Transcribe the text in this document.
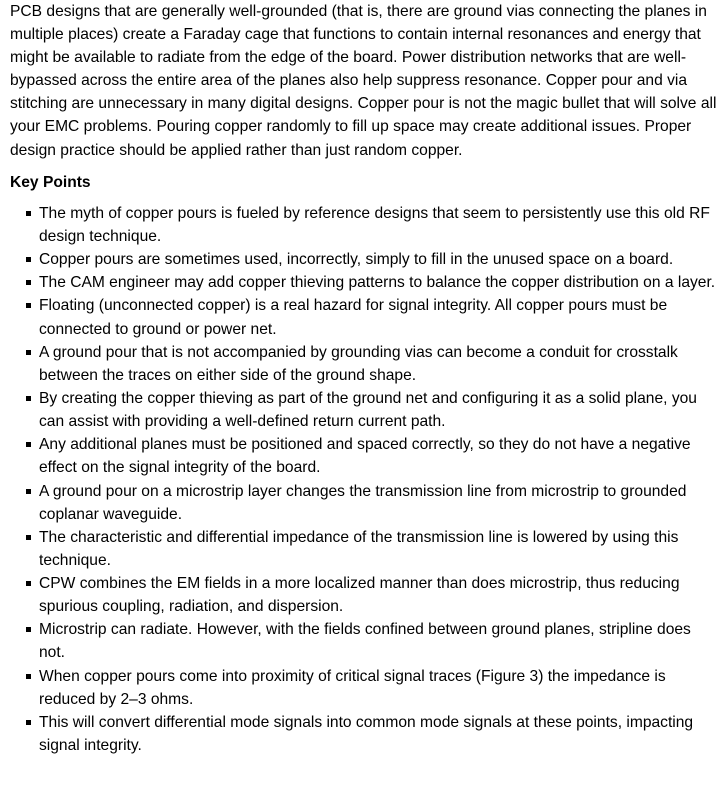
PCB designs that are generally well-grounded (that is, there are ground vias connecting the planes in multiple places) create a Faraday cage that functions to contain internal resonances and energy that might be available to radiate from the edge of the board. Power distribution networks that are well-bypassed across the entire area of the planes also help suppress resonance. Copper pour and via stitching are unnecessary in many digital designs. Copper pour is not the magic bullet that will solve all your EMC problems. Pouring copper randomly to fill up space may create additional issues. Proper design practice should be applied rather than just random copper.

Key Points
The myth of copper pours is fueled by reference designs that seem to persistently use this old RF design technique.
Copper pours are sometimes used, incorrectly, simply to fill in the unused space on a board.
The CAM engineer may add copper thieving patterns to balance the copper distribution on a layer.
Floating (unconnected copper) is a real hazard for signal integrity. All copper pours must be connected to ground or power net.
A ground pour that is not accompanied by grounding vias can become a conduit for crosstalk between the traces on either side of the ground shape.
By creating the copper thieving as part of the ground net and configuring it as a solid plane, you can assist with providing a well-defined return current path.
Any additional planes must be positioned and spaced correctly, so they do not have a negative effect on the signal integrity of the board.
A ground pour on a microstrip layer changes the transmission line from microstrip to grounded coplanar waveguide.
The characteristic and differential impedance of the transmission line is lowered by using this technique.
CPW combines the EM fields in a more localized manner than does microstrip, thus reducing spurious coupling, radiation, and dispersion.
Microstrip can radiate. However, with the fields confined between ground planes, stripline does not.
When copper pours come into proximity of critical signal traces (Figure 3) the impedance is reduced by 2–3 ohms.
This will convert differential mode signals into common mode signals at these points, impacting signal integrity.
